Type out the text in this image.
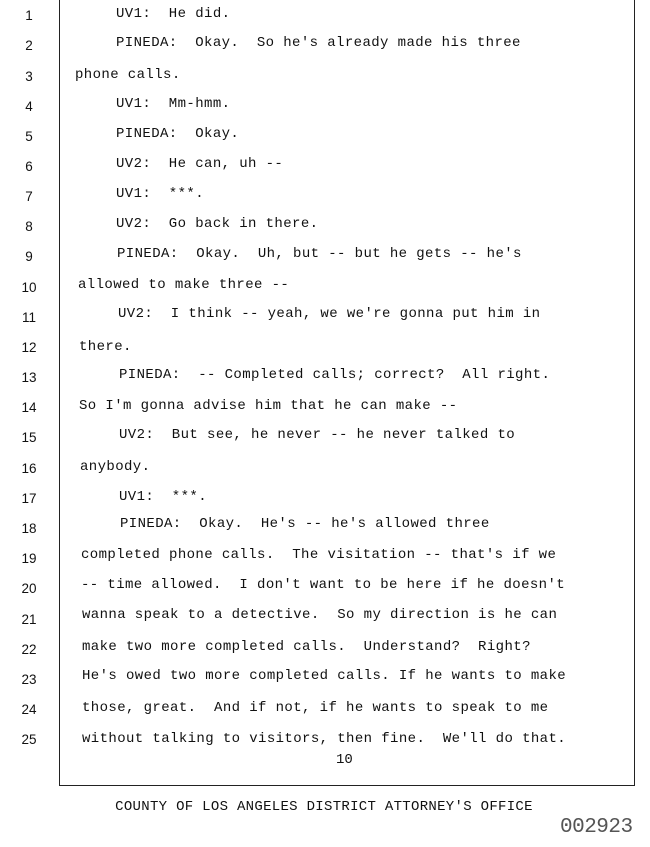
1
2
3
4
5
6
7
8
9
10
11
12
13
14
15
16
17
18
19
20
21
22
23
24
25
UV1:  He did.
PINEDA:  Okay.  So he's already made his three
phone calls.
UV1:  Mm-hmm.
PINEDA:  Okay.
UV2:  He can, uh --
UV1:  ***.
UV2:  Go back in there.
PINEDA:  Okay.  Uh, but -- but he gets -- he's
allowed to make three --
UV2:  I think -- yeah, we we're gonna put him in
there.
PINEDA:  -- Completed calls; correct?  All right.
So I'm gonna advise him that he can make --
UV2:  But see, he never -- he never talked to
anybody.
UV1:  ***.
PINEDA:  Okay.  He's -- he's allowed three
completed phone calls.  The visitation -- that's if we
-- time allowed.  I don't want to be here if he doesn't
wanna speak to a detective.  So my direction is he can
make two more completed calls.  Understand?  Right?
He's owed two more completed calls. If he wants to make
those, great.  And if not, if he wants to speak to me
without talking to visitors, then fine.  We'll do that.
10
COUNTY OF LOS ANGELES DISTRICT ATTORNEY'S OFFICE
002923
